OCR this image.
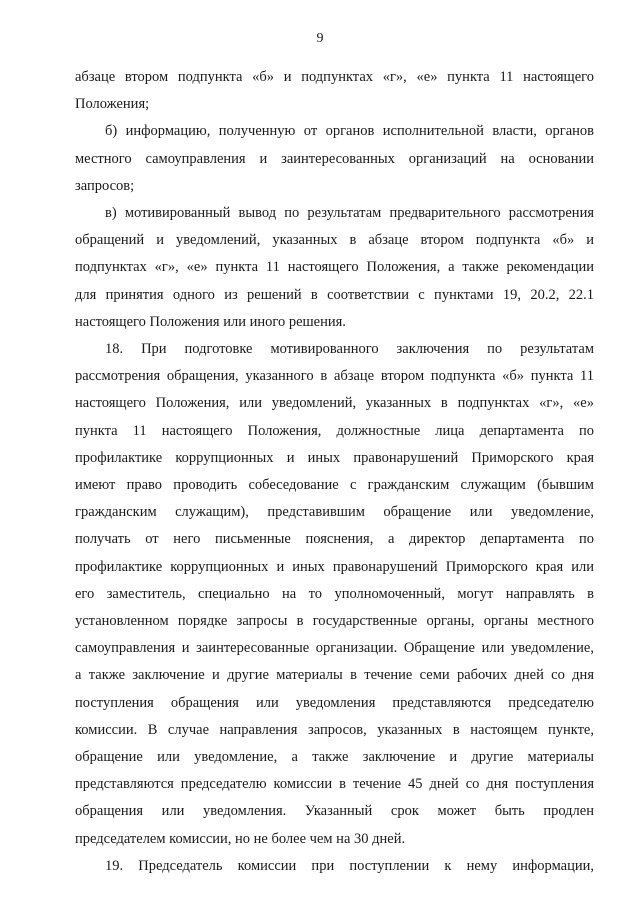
9
абзаце втором подпункта «б» и подпунктах «г», «е» пункта 11 настоящего
Положения;
б) информацию, полученную от органов исполнительной власти, органов
местного самоуправления и заинтересованных организаций на основании
запросов;
в) мотивированный вывод по результатам предварительного рассмотрения
обращений и уведомлений, указанных в абзаце втором подпункта «б» и
подпунктах «г», «е» пункта 11 настоящего Положения, а также рекомендации
для принятия одного из решений в соответствии с пунктами 19, 20.2, 22.1
настоящего Положения или иного решения.
18. При подготовке мотивированного заключения по результатам
рассмотрения обращения, указанного в абзаце втором подпункта «б» пункта 11
настоящего Положения, или уведомлений, указанных в подпунктах «г», «е»
пункта 11 настоящего Положения, должностные лица департамента по
профилактике коррупционных и иных правонарушений Приморского края
имеют право проводить собеседование с гражданским служащим (бывшим
гражданским служащим), представившим обращение или уведомление,
получать от него письменные пояснения, а директор департамента по
профилактике коррупционных и иных правонарушений Приморского края или
его заместитель, специально на то уполномоченный, могут направлять в
установленном порядке запросы в государственные органы, органы местного
самоуправления и заинтересованные организации. Обращение или уведомление,
а также заключение и другие материалы в течение семи рабочих дней со дня
поступления обращения или уведомления представляются председателю
комиссии. В случае направления запросов, указанных в настоящем пункте,
обращение или уведомление, а также заключение и другие материалы
представляются председателю комиссии в течение 45 дней со дня поступления
обращения или уведомления. Указанный срок может быть продлен
председателем комиссии, но не более чем на 30 дней.
19. Председатель комиссии при поступлении к нему информации,
